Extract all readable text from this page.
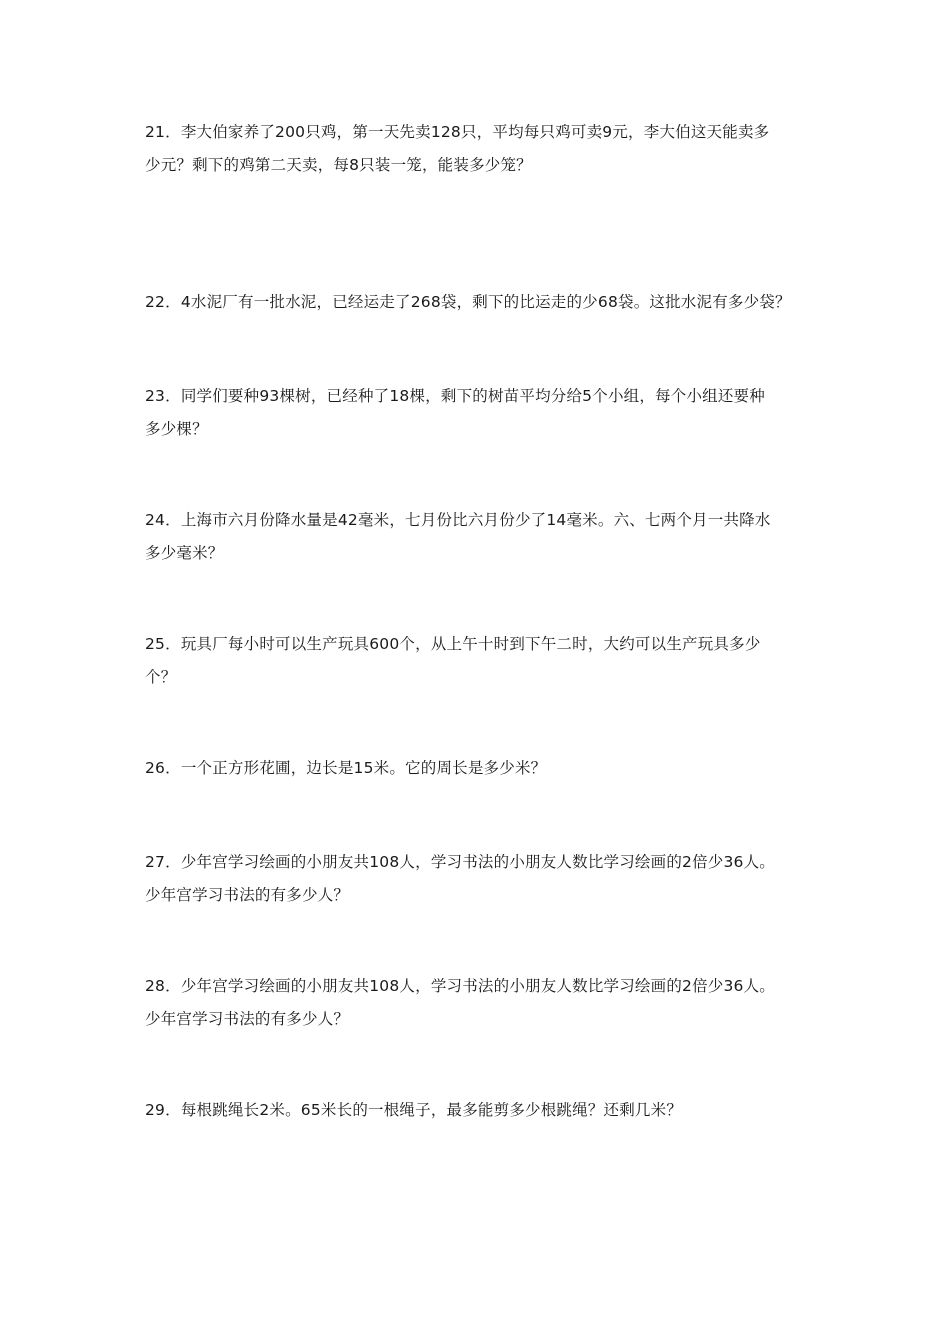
21．李大伯家养了200只鸡，第一天先卖128只，平均每只鸡可卖9元，李大伯这天能卖多
少元？剩下的鸡第二天卖，每8只装一笼，能装多少笼？
22．4水泥厂有一批水泥，已经运走了268袋，剩下的比运走的少68袋。这批水泥有多少袋？
23．同学们要种93棵树，已经种了18棵，剩下的树苗平均分给5个小组，每个小组还要种
多少棵？
24．上海市六月份降水量是42毫米，七月份比六月份少了14毫米。六、七两个月一共降水
多少毫米？
25．玩具厂每小时可以生产玩具600个，从上午十时到下午二时，大约可以生产玩具多少
个？
26．一个正方形花圃，边长是15米。它的周长是多少米？
27．少年宫学习绘画的小朋友共108人，学习书法的小朋友人数比学习绘画的2倍少36人。
少年宫学习书法的有多少人？
28．少年宫学习绘画的小朋友共108人，学习书法的小朋友人数比学习绘画的2倍少36人。
少年宫学习书法的有多少人？
29．每根跳绳长2米。65米长的一根绳子，最多能剪多少根跳绳？还剩几米？
